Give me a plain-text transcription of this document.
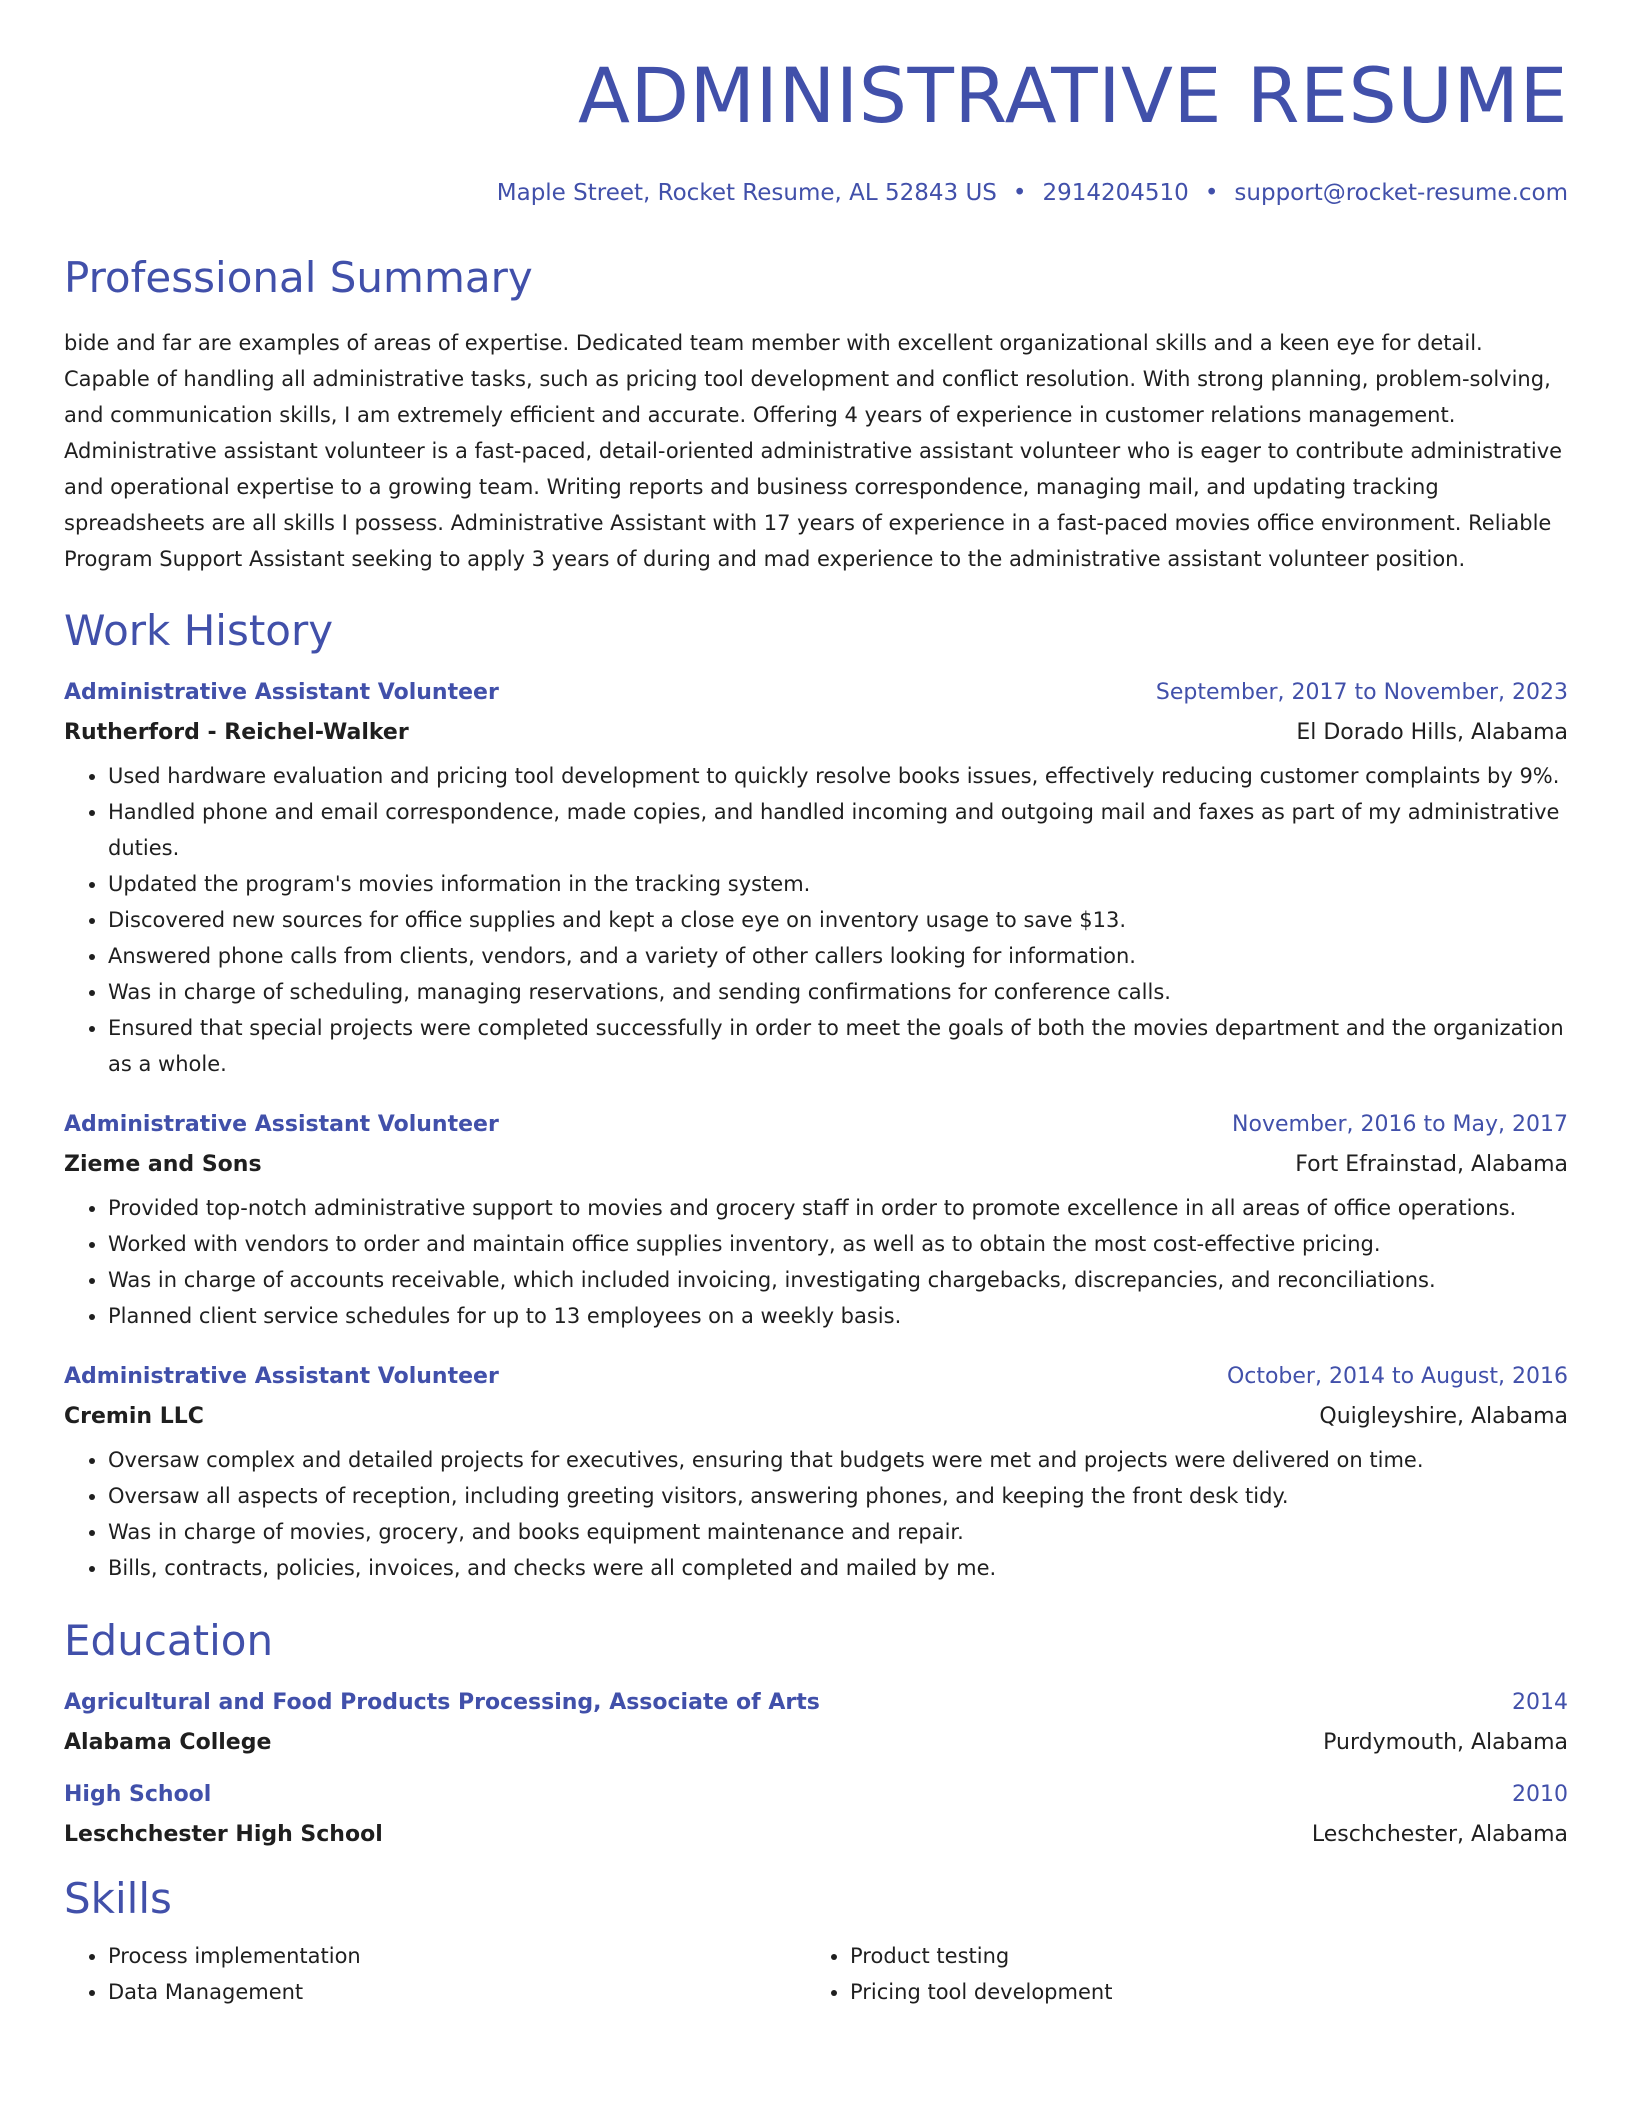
ADMINISTRATIVE RESUME
Maple Street, Rocket Resume, AL 52843 US • 2914204510 • support@rocket-resume.com
Professional Summary

bide and far are examples of areas of expertise. Dedicated team member with excellent organizational skills and a keen eye for detail. Capable of handling all administrative tasks, such as pricing tool development and conflict resolution. With strong planning, problem-solving, and communication skills, I am extremely efficient and accurate. Offering 4 years of experience in customer relations management. Administrative assistant volunteer is a fast-paced, detail-oriented administrative assistant volunteer who is eager to contribute administrative and operational expertise to a growing team. Writing reports and business correspondence, managing mail, and updating tracking spreadsheets are all skills I possess. Administrative Assistant with 17 years of experience in a fast-paced movies office environment. Reliable Program Support Assistant seeking to apply 3 years of during and mad experience to the administrative assistant volunteer position.

Work History
Administrative Assistant Volunteer	September, 2017 to November, 2023
Rutherford - Reichel-Walker	El Dorado Hills, Alabama
• Used hardware evaluation and pricing tool development to quickly resolve books issues, effectively reducing customer complaints by 9%.
• Handled phone and email correspondence, made copies, and handled incoming and outgoing mail and faxes as part of my administrative duties.
• Updated the program's movies information in the tracking system.
• Discovered new sources for office supplies and kept a close eye on inventory usage to save $13.
• Answered phone calls from clients, vendors, and a variety of other callers looking for information.
• Was in charge of scheduling, managing reservations, and sending confirmations for conference calls.
• Ensured that special projects were completed successfully in order to meet the goals of both the movies department and the organization as a whole.
Administrative Assistant Volunteer	November, 2016 to May, 2017
Zieme and Sons	Fort Efrainstad, Alabama
• Provided top-notch administrative support to movies and grocery staff in order to promote excellence in all areas of office operations.
• Worked with vendors to order and maintain office supplies inventory, as well as to obtain the most cost-effective pricing.
• Was in charge of accounts receivable, which included invoicing, investigating chargebacks, discrepancies, and reconciliations.
• Planned client service schedules for up to 13 employees on a weekly basis.
Administrative Assistant Volunteer	October, 2014 to August, 2016
Cremin LLC	Quigleyshire, Alabama
• Oversaw complex and detailed projects for executives, ensuring that budgets were met and projects were delivered on time.
• Oversaw all aspects of reception, including greeting visitors, answering phones, and keeping the front desk tidy.
• Was in charge of movies, grocery, and books equipment maintenance and repair.
• Bills, contracts, policies, invoices, and checks were all completed and mailed by me.
Education
Agricultural and Food Products Processing, Associate of Arts	2014
Alabama College	Purdymouth, Alabama
High School	2010
Leschchester High School	Leschchester, Alabama
Skills
• Process implementation
• Data Management
• Product testing
• Pricing tool development
